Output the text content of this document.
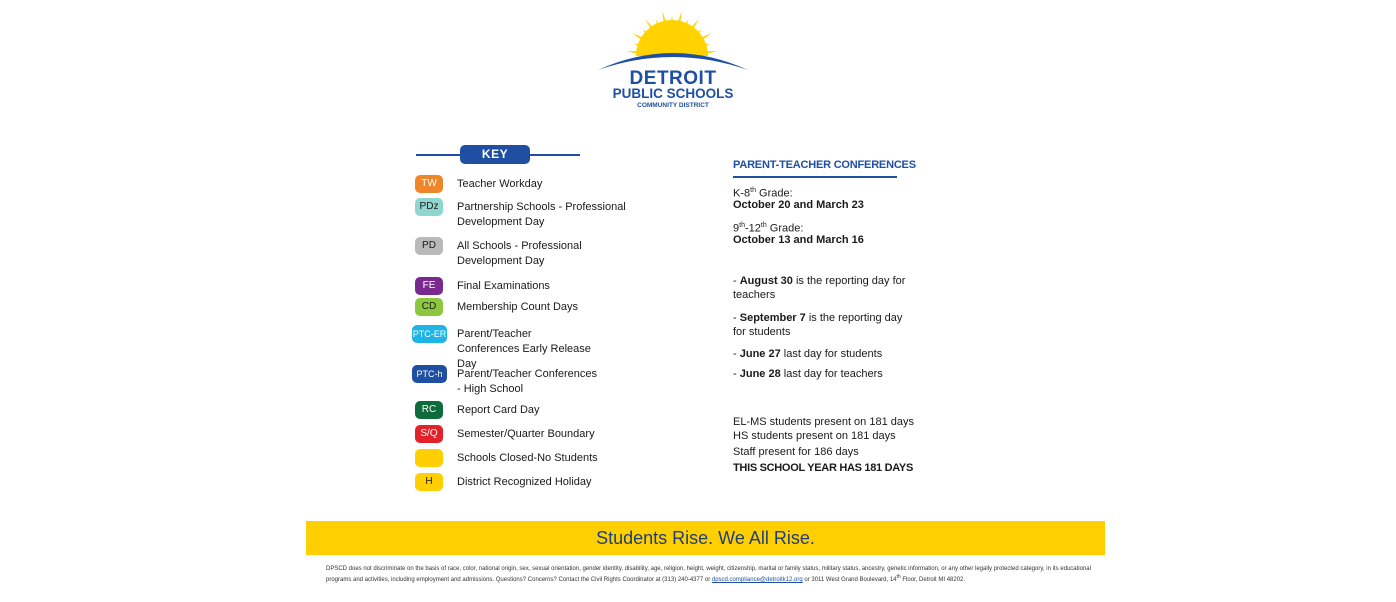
DETROIT
PUBLIC SCHOOLS
COMMUNITY DISTRICT
KEY
TW	Teacher Workday
PDz	Partnership Schools - Professional Development Day
PD	All Schools - Professional Development Day
FE	Final Examinations
CD	Membership Count Days
PTC-ER Parent/Teacher Conferences Early Release Day
PTC-h	Parent/Teacher Conferences - High School
RC	Report Card Day
S/Q	Semester/Quarter Boundary
Schools Closed-No Students
H	District Recognized Holiday
PARENT-TEACHER CONFERENCES
K-8th Grade:
October 20 and March 23
9th-12th Grade:
October 13 and March 16
- August 30 is the reporting day for teachers
- September 7 is the reporting day for students
- June 27 last day for students
- June 28 last day for teachers
EL-MS students present on 181 days
HS students present on 181 days
Staff present for 186 days
THIS SCHOOL YEAR HAS 181 DAYS
Students Rise. We All Rise.
DPSCD does not discriminate on the basis of race, color, national origin, sex, sexual orientation, gender identity, disability, age, religion, height, weight, citizenship, marital or family status, military status, ancestry, genetic information, or any other legally protected category, in its educational programs and activities, including employment and admissions. Questions? Concerns? Contact the Civil Rights Coordinator at (313) 240-4377 or dpscd.compliance@detroitk12.org or 3011 West Grand Boulevard, 14th Floor, Detroit MI 48202.
